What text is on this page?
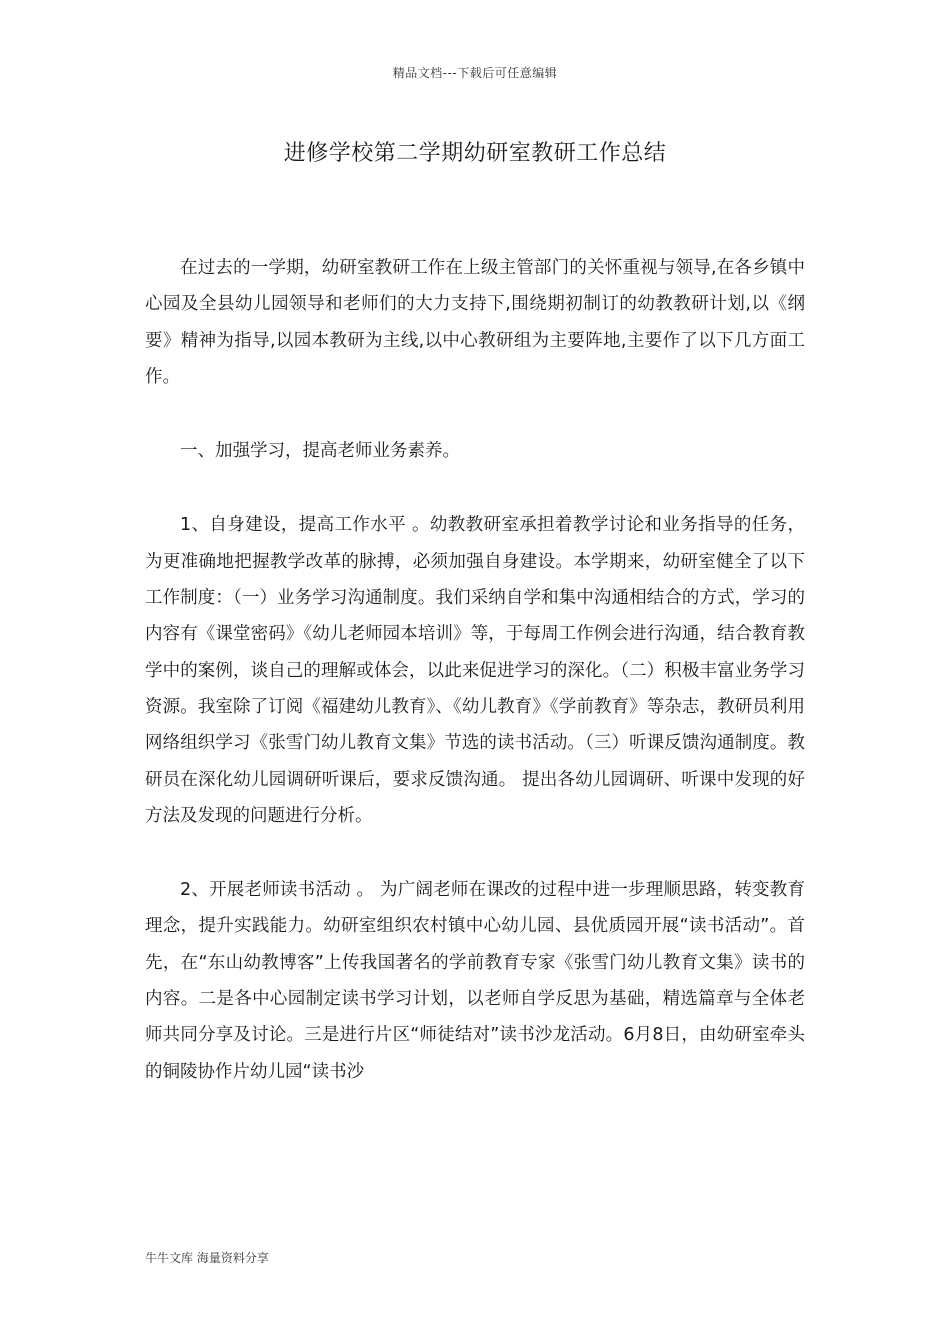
精品文档---下载后可任意编辑
进修学校第二学期幼研室教研工作总结

在过去的一学期，幼研室教研工作在上级主管部门的关怀重视与领导,在各乡镇中心园及全县幼儿园领导和老师们的大力支持下,围绕期初制订的幼教教研计划,以《纲要》精神为指导,以园本教研为主线,以中心教研组为主要阵地,主要作了以下几方面工作。

一、加强学习，提高老师业务素养。

1、自身建设，提高工作水平 。幼教教研室承担着教学讨论和业务指导的任务，为更准确地把握教学改革的脉搏，必须加强自身建设。本学期来，幼研室健全了以下工作制度：（一）业务学习沟通制度。我们采纳自学和集中沟通相结合的方式，学习的内容有《课堂密码》《幼儿老师园本培训》等，于每周工作例会进行沟通，结合教育教学中的案例，谈自己的理解或体会，以此来促进学习的深化。（二）积极丰富业务学习资源。我室除了订阅《福建幼儿教育》、《幼儿教育》《学前教育》等杂志，教研员利用网络组织学习《张雪门幼儿教育文集》节选的读书活动。（三）听课反馈沟通制度。教研员在深化幼儿园调研听课后，要求反馈沟通。 提出各幼儿园调研、听课中发现的好方法及发现的问题进行分析。

2、开展老师读书活动 。 为广阔老师在课改的过程中进一步理顺思路，转变教育理念，提升实践能力。幼研室组织农村镇中心幼儿园、县优质园开展“读书活动”。首先，在“东山幼教博客”上传我国著名的学前教育专家《张雪门幼儿教育文集》读书的内容。二是各中心园制定读书学习计划，以老师自学反思为基础，精选篇章与全体老师共同分享及讨论。三是进行片区“师徒结对”读书沙龙活动。6月8日，由幼研室牵头的铜陵协作片幼儿园“读书沙

牛牛文库 海量资料分享
